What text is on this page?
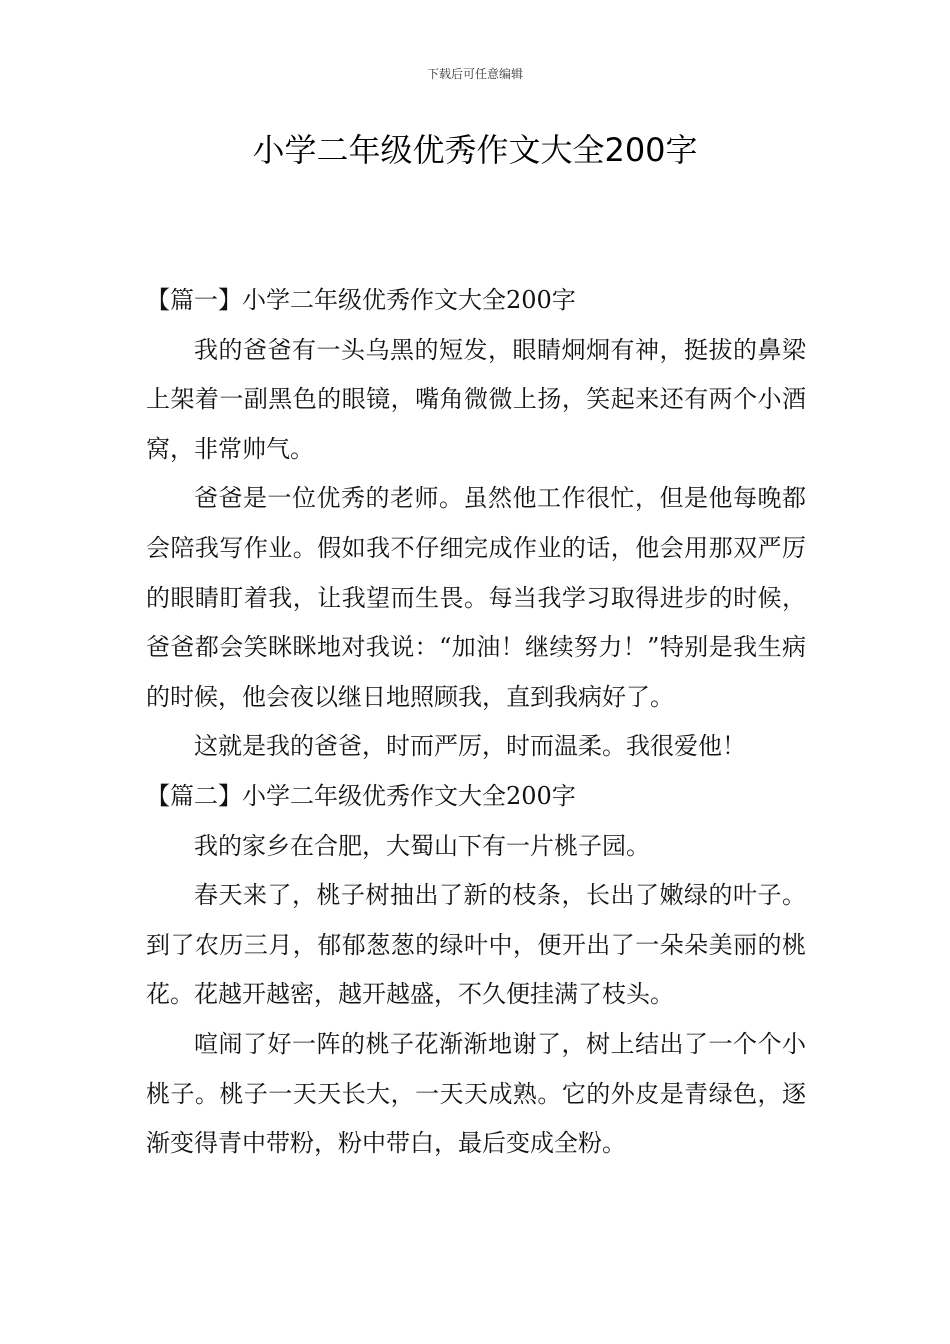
下载后可任意编辑
小学二年级优秀作文大全200字

【篇一】小学二年级优秀作文大全200字

我的爸爸有一头乌黑的短发，眼睛炯炯有神，挺拔的鼻梁上架着一副黑色的眼镜，嘴角微微上扬，笑起来还有两个小酒窝，非常帅气。

爸爸是一位优秀的老师。虽然他工作很忙，但是他每晚都会陪我写作业。假如我不仔细完成作业的话，他会用那双严厉的眼睛盯着我，让我望而生畏。每当我学习取得进步的时候，爸爸都会笑眯眯地对我说：“加油！继续努力！”特别是我生病的时候，他会夜以继日地照顾我，直到我病好了。

这就是我的爸爸，时而严厉，时而温柔。我很爱他！

【篇二】小学二年级优秀作文大全200字

我的家乡在合肥，大蜀山下有一片桃子园。

春天来了，桃子树抽出了新的枝条，长出了嫩绿的叶子。到了农历三月，郁郁葱葱的绿叶中，便开出了一朵朵美丽的桃花。花越开越密，越开越盛，不久便挂满了枝头。

喧闹了好一阵的桃子花渐渐地谢了，树上结出了一个个小桃子。桃子一天天长大，一天天成熟。它的外皮是青绿色，逐渐变得青中带粉，粉中带白，最后变成全粉。
